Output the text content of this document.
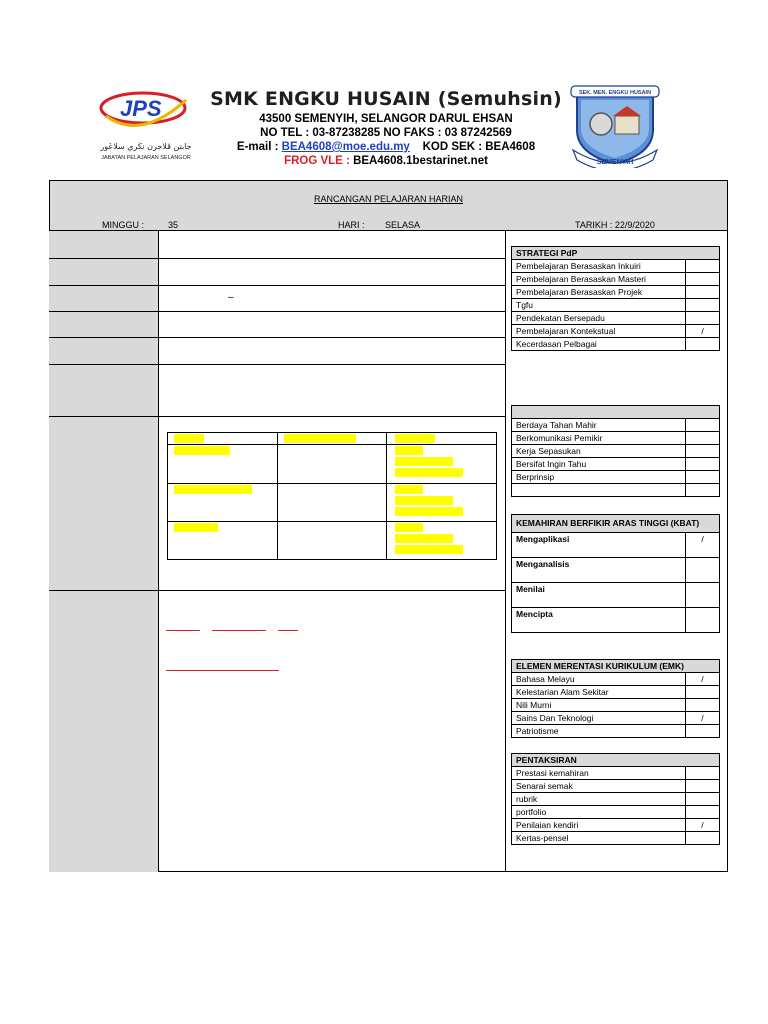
JPS
جابتن ڤلاجرن نڬري سلاڠور
JABATAN PELAJARAN SELANGOR
SMK ENGKU HUSAIN (Semuhsin)
43500 SEMENYIH, SELANGOR DARUL EHSAN
NO TEL : 03-87238285 NO FAKS : 03 87242569
E-mail : BEA4608@moe.edu.my KOD SEK : BEA4608
FROG VLE : BEA4608.1bestarinet.net
SEK. MEN. ENGKU HUSAIN
SEMENYIH
RANCANGAN PELAJARAN HARIAN
MINGGU :	35	HARI : SELASA	TARIKH : 22/9/2020
–

STRATEGI PdP	
Pembelajaran Berasaskan Inkuiri	
Pembelajaran Berasaskan Masteri	
Pembelajaran Berasaskan Projek	
Tgfu	
Pendekatan Bersepadu	
Pembelajaran Kontekstual	/
Kecerdasan Pelbagai	

Berdaya Tahan Mahir	
Berkomunikasi Pemikir	
Kerja Sepasukan	
Bersifat Ingin Tahu	
Berprinsip	

KEMAHIRAN BERFIKIR ARAS TINGGI (KBAT)	
Mengaplikasi	/
Menganalisis	
Menilai	
Mencipta	
ELEMEN MERENTASI KURIKULUM (EMK)	
Bahasa Melayu	/
Kelestarian Alam Sekitar	
Nili Murni	
Sains Dan Teknologi	/
Patriotisme	
PENTAKSIRAN	
Prestasi kemahiran	
Senarai semak	
rubrik	
portfolio	
Penilaian kendiri	/
Kertas-pensel	
